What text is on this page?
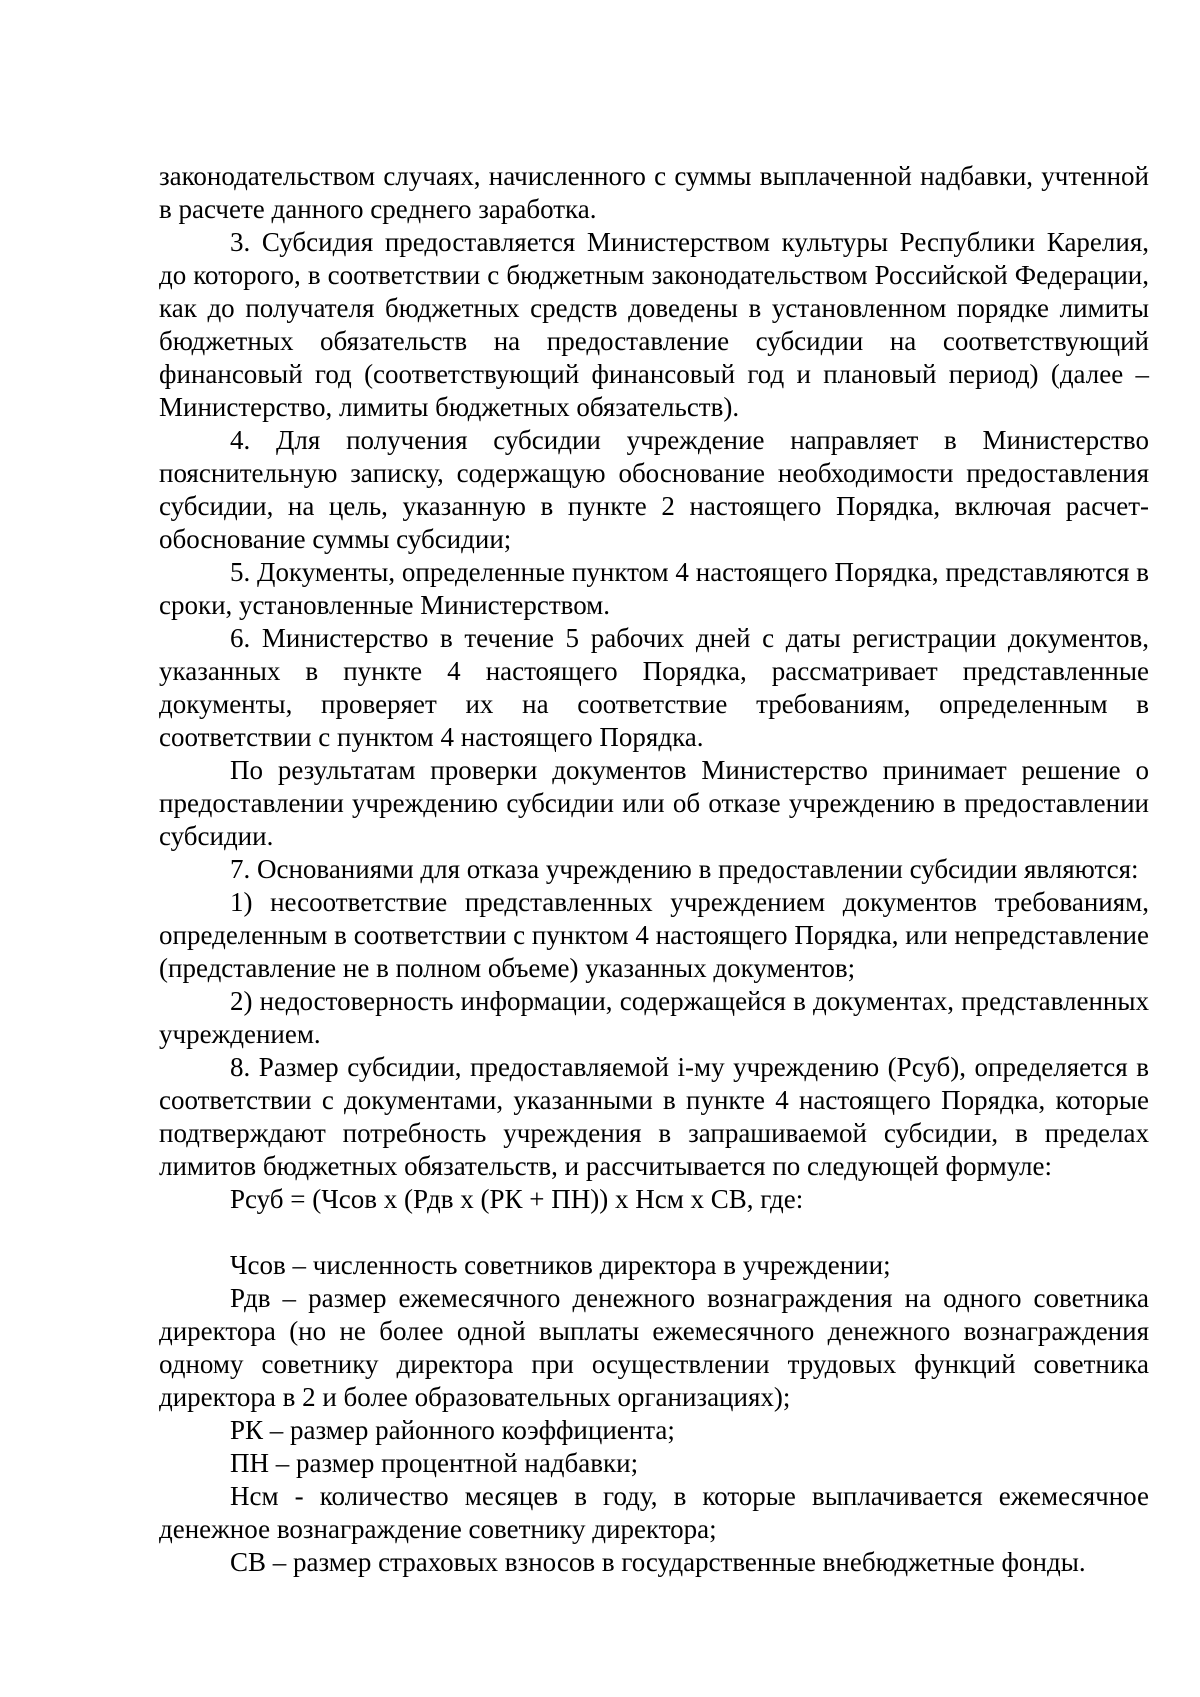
законодательством случаях, начисленного с суммы выплаченной надбавки, учтенной в расчете данного среднего заработка.

3. Субсидия предоставляется Министерством культуры Республики Карелия, до которого, в соответствии с бюджетным законодательством Российской Федерации, как до получателя бюджетных средств доведены в установленном порядке лимиты бюджетных обязательств на предоставление субсидии на соответствующий финансовый год (соответствующий финансовый год и плановый период) (далее – Министерство, лимиты бюджетных обязательств).

4. Для получения субсидии учреждение направляет в Министерство пояснительную записку, содержащую обоснование необходимости предоставления субсидии, на цель, указанную в пункте 2 настоящего Порядка, включая расчет-обоснование суммы субсидии;

5. Документы, определенные пунктом 4 настоящего Порядка, представляются в сроки, установленные Министерством.

6. Министерство в течение 5 рабочих дней с даты регистрации документов, указанных в пункте 4 настоящего Порядка, рассматривает представленные документы, проверяет их на соответствие требованиям, определенным в соответствии с пунктом 4 настоящего Порядка.

По результатам проверки документов Министерство принимает решение о предоставлении учреждению субсидии или об отказе учреждению в предоставлении субсидии.

7. Основаниями для отказа учреждению в предоставлении субсидии являются:

1) несоответствие представленных учреждением документов требованиям, определенным в соответствии с пунктом 4 настоящего Порядка, или непредставление (представление не в полном объеме) указанных документов;

2) недостоверность информации, содержащейся в документах, представленных учреждением.

8. Размер субсидии, предоставляемой i-му учреждению (Рсуб), определяется в соответствии с документами, указанными в пункте 4 настоящего Порядка, которые подтверждают потребность учреждения в запрашиваемой субсидии, в пределах лимитов бюджетных обязательств, и рассчитывается по следующей формуле:

Рсуб = (Чсов х (Рдв х (РК + ПН)) х Нсм х СВ, где:

Чсов – численность советников директора в учреждении;

Рдв – размер ежемесячного денежного вознаграждения на одного советника директора (но не более одной выплаты ежемесячного денежного вознаграждения одному советнику директора при осуществлении трудовых функций советника директора в 2 и более образовательных организациях);

РК – размер районного коэффициента;

ПН – размер процентной надбавки;

Нсм - количество месяцев в году, в которые выплачивается ежемесячное денежное вознаграждение советнику директора;

СВ – размер страховых взносов в государственные внебюджетные фонды.
